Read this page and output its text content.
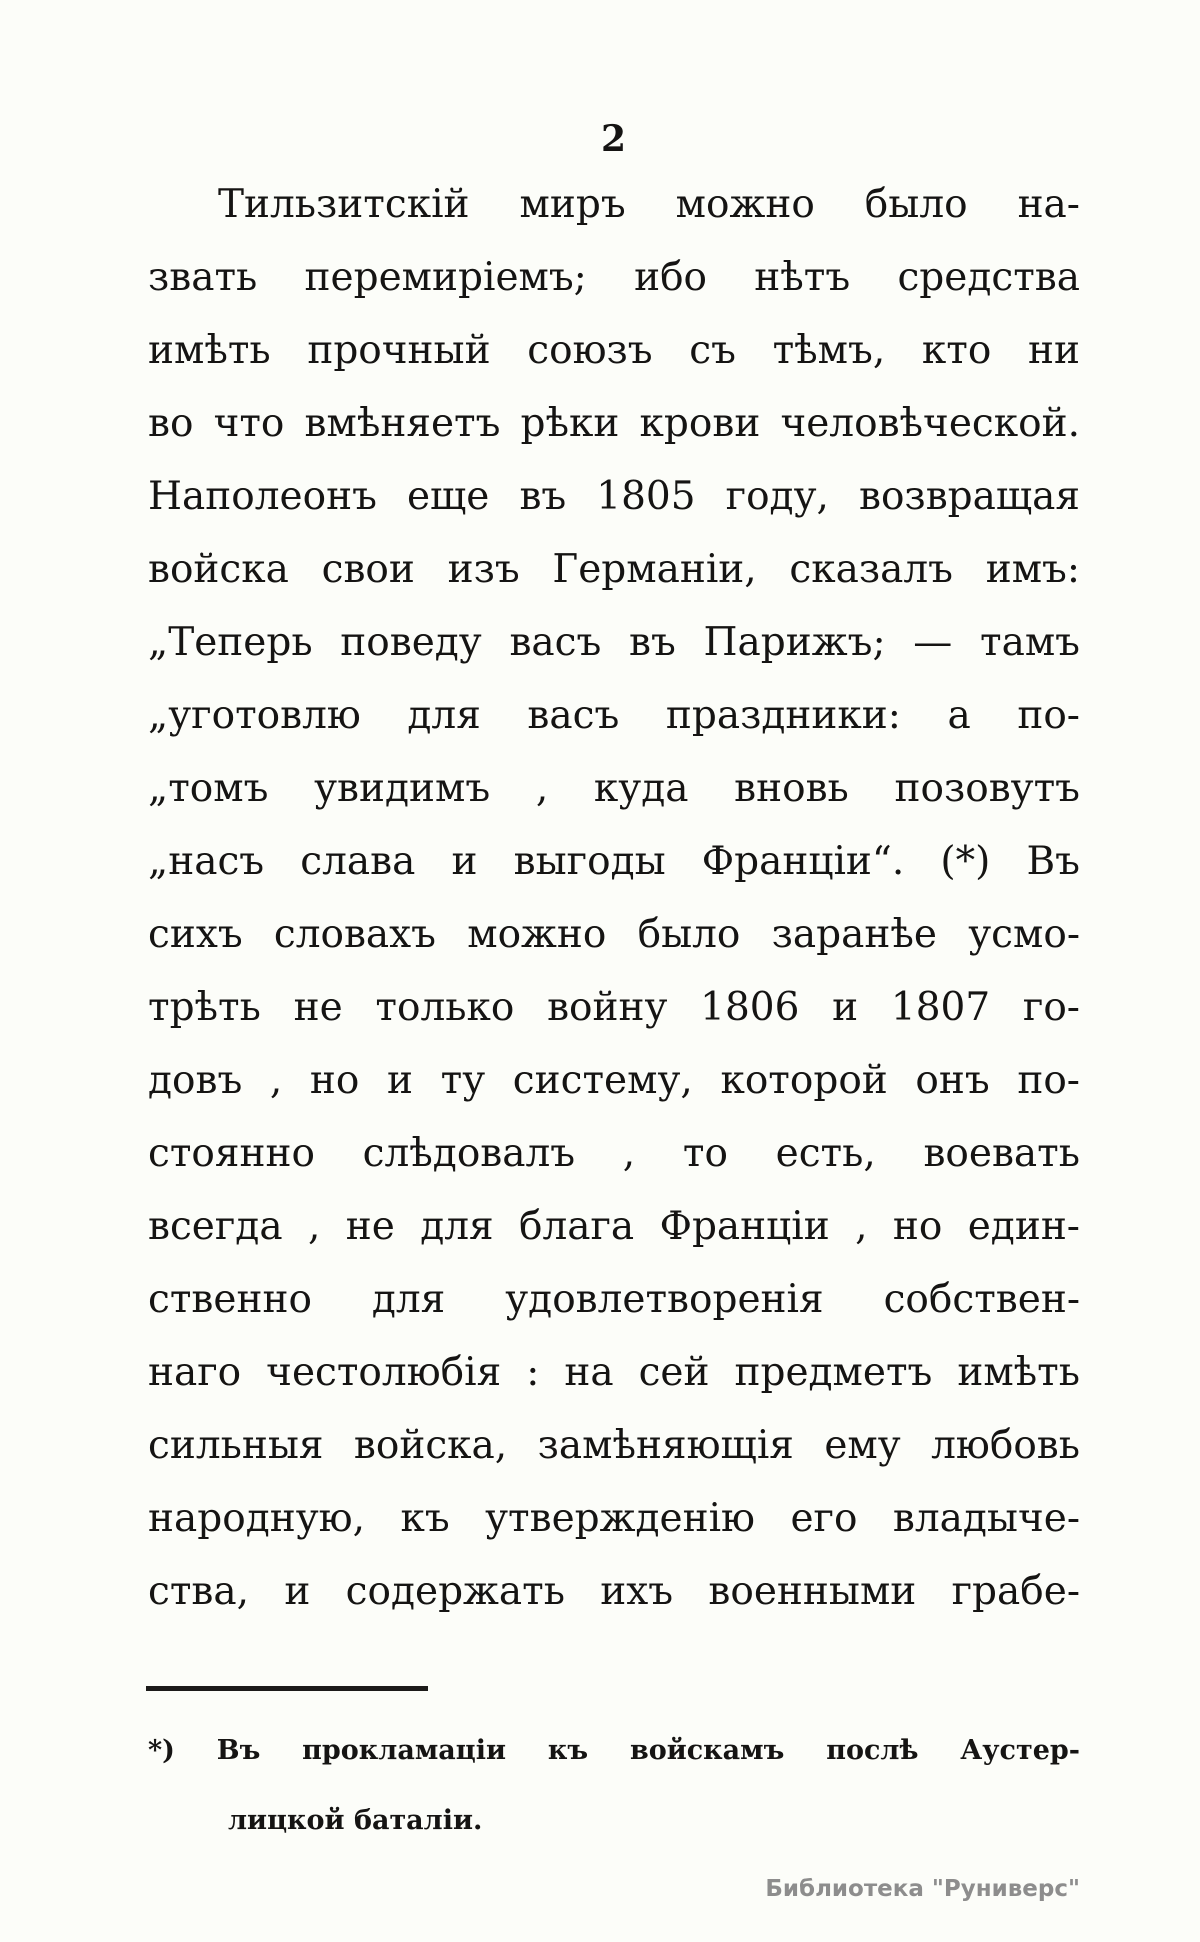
2
Тильзитскій миръ можно было на-
звать перемиріемъ; ибо нѣтъ средства
имѣть прочный союзъ съ тѣмъ, кто ни
во что вмѣняетъ рѣки крови человѣческой.
Наполеонъ еще въ 1805 году, возвращая
войска свои изъ Германіи, сказалъ имъ:
„Теперь поведу васъ въ Парижъ; — тамъ
„уготовлю для васъ праздники: а по-
„томъ увидимъ , куда вновь позовутъ
„насъ слава и выгоды Франціи“. (*) Въ
сихъ словахъ можно было заранѣе усмо-
трѣть не только войну 1806 и 1807 го-
довъ , но и ту систему, которой онъ по-
стоянно слѣдовалъ , то есть, воевать
всегда , не для блага Франціи , но един-
ственно для удовлетворенія собствен-
наго честолюбія : на сей предметъ имѣть
сильныя войска, замѣняющія ему любовь
народную, къ утвержденію его владыче-
ства, и содержать ихъ военными грабе-
*) Въ прокламаціи къ войскамъ послѣ Аустер-
лицкой баталіи.
Библиотека "Руниверс"
